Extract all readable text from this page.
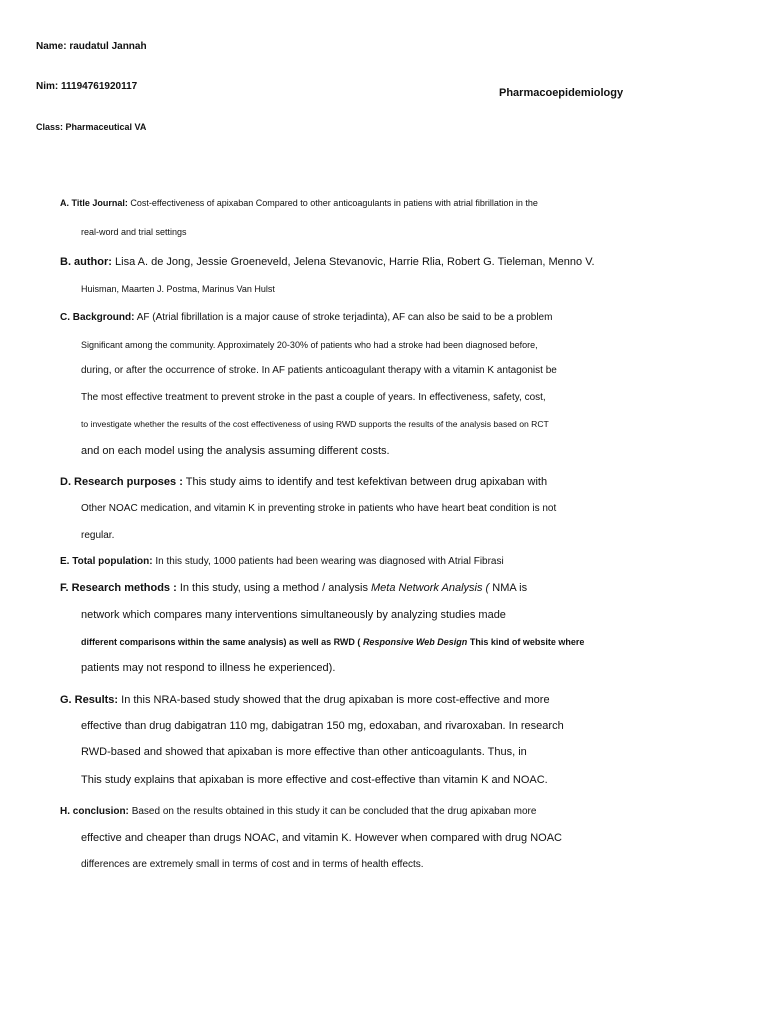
Name: raudatul Jannah

Nim: 11194761920117

Pharmacoepidemiology

Class: Pharmaceutical VA

A. Title Journal: Cost-effectiveness of apixaban Compared to other anticoagulants in patiens with atrial fibrillation in the

real-word and trial settings

B. author: Lisa A. de Jong, Jessie Groeneveld, Jelena Stevanovic, Harrie Rlia, Robert G. Tieleman, Menno V.

Huisman, Maarten J. Postma, Marinus Van Hulst

C. Background: AF (Atrial fibrillation is a major cause of stroke terjadinta), AF can also be said to be a problem

Significant among the community. Approximately 20-30% of patients who had a stroke had been diagnosed before,

during, or after the occurrence of stroke. In AF patients anticoagulant therapy with a vitamin K antagonist be

The most effective treatment to prevent stroke in the past a couple of years. In effectiveness, safety, cost,

to investigate whether the results of the cost effectiveness of using RWD supports the results of the analysis based on RCT

and on each model using the analysis assuming different costs.

D. Research purposes : This study aims to identify and test kefektivan between drug apixaban with

Other NOAC medication, and vitamin K in preventing stroke in patients who have heart beat condition is not

regular.

E. Total population: In this study, 1000 patients had been wearing was diagnosed with Atrial Fibrasi

F. Research methods : In this study, using a method / analysis Meta Network Analysis ( NMA is

network which compares many interventions simultaneously by analyzing studies made

different comparisons within the same analysis) as well as RWD ( Responsive Web Design This kind of website where

patients may not respond to illness he experienced).

G. Results: In this NRA-based study showed that the drug apixaban is more cost-effective and more

effective than drug dabigatran 110 mg, dabigatran 150 mg, edoxaban, and rivaroxaban. In research

RWD-based and showed that apixaban is more effective than other anticoagulants. Thus, in

This study explains that apixaban is more effective and cost-effective than vitamin K and NOAC.

H. conclusion: Based on the results obtained in this study it can be concluded that the drug apixaban more

effective and cheaper than drugs NOAC, and vitamin K. However when compared with drug NOAC

differences are extremely small in terms of cost and in terms of health effects.
